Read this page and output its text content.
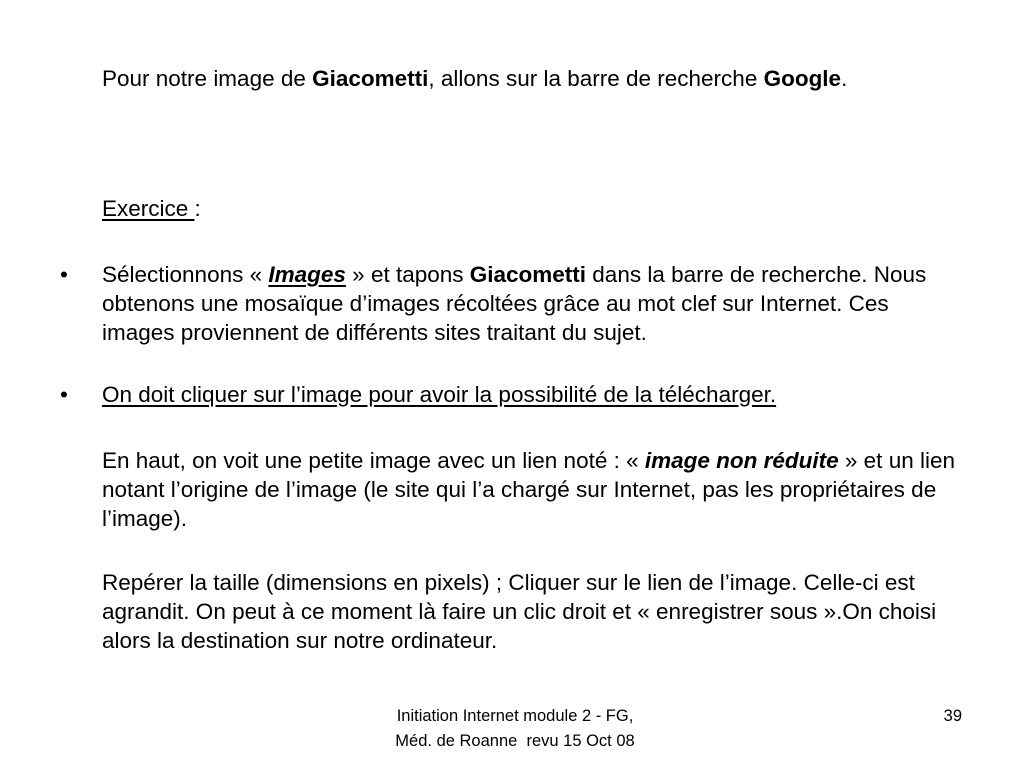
Pour notre image de Giacometti, allons sur la barre de recherche Google.

Exercice :

•	Sélectionnons « Images » et tapons Giacometti dans la barre de recherche. Nous obtenons une mosaïque d’images récoltées grâce au mot clef sur Internet. Ces images proviennent de différents sites traitant du sujet.

•	On doit cliquer sur l’image pour avoir la possibilité de la télécharger.

En haut, on voit une petite image avec un lien noté : « image non réduite » et un lien notant l’origine de l’image (le site qui l’a chargé sur Internet, pas les propriétaires de l’image).

Repérer la taille (dimensions en pixels) ; Cliquer sur le lien de l’image. Celle-ci est agrandit. On peut à ce moment là faire un clic droit et « enregistrer sous ».On choisi alors la destination sur notre ordinateur.

Initiation Internet module 2 - FG,
Méd. de Roanne  revu 15 Oct 08
39
